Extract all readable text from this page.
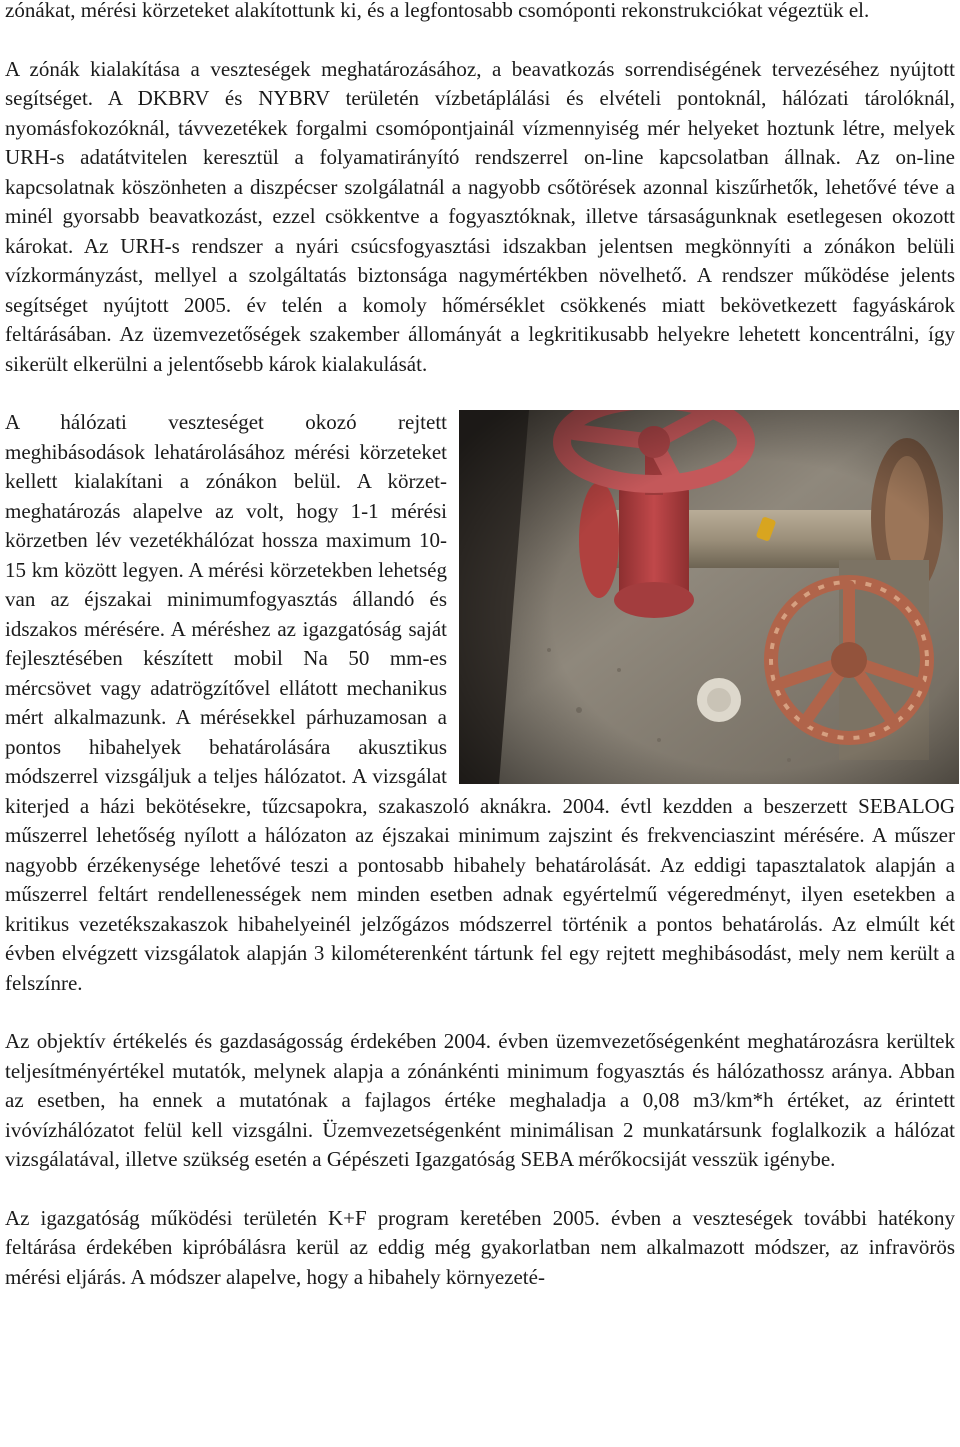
zónákat, mérési körzeteket alakítottunk ki, és a legfontosabb csomóponti rekonstrukciókat végeztük el.

A zónák kialakítása a veszteségek meghatározásához, a beavatkozás sorrendiségének tervezéséhez nyújtott segítséget. A DKBRV és NYBRV területén vízbetáplálási és elvételi pontoknál, hálózati tárolóknál, nyomásfokozóknál, távvezetékek forgalmi csomópontjainál vízmennyiség mér helyeket hoztunk létre, melyek URH-s adatátvitelen keresztül a folyamatirányító rendszerrel on-line kapcsolatban állnak. Az on-line kapcsolatnak köszönheten a diszpécser szolgálatnál a nagyobb csőtörések azonnal kiszűrhetők, lehetővé téve a minél gyorsabb beavatkozást, ezzel csökkentve a fogyasztóknak, illetve társaságunknak esetlegesen okozott károkat. Az URH-s rendszer a nyári csúcsfogyasztási idszakban jelentsen megkönnyíti a zónákon belüli vízkormányzást, mellyel a szolgáltatás biztonsága nagymértékben növelhető. A rendszer működése jelents segítséget nyújtott 2005. év telén a komoly hőmérséklet csökkenés miatt bekövetkezett fagyáskárok feltárásában. Az üzemvezetőségek szakember állományát a legkritikusabb helyekre lehetett koncentrálni, így sikerült elkerülni a jelentősebb károk kialakulását.

A hálózati veszteséget okozó rejtett meghibásodások lehatárolásához mérési körzeteket kellett kialakítani a zónákon belül. A körzet-meghatározás alapelve az volt, hogy 1-1 mérési körzetben lév vezetékhálózat hossza maximum 10-15 km között legyen. A mérési körzetekben lehetség van az éjszakai minimumfogyasztás állandó és idszakos mérésére. A méréshez az igazgatóság saját fejlesztésében készített mobil Na 50 mm-es mércsövet vagy adatrögzítővel ellátott mechanikus mért alkalmazunk. A mérésekkel párhuzamosan a pontos hibahelyek behatárolására akusztikus módszerrel vizsgáljuk a teljes hálózatot. A vizsgálat kiterjed a házi bekötésekre, tűzcsapokra, szakaszoló aknákra. 2004. évtl kezdden a beszerzett SEBALOG műszerrel lehetőség nyílott a hálózaton az éjszakai minimum zajszint és frekvenciaszint mérésére. A műszer nagyobb érzékenysége lehetővé teszi a pontosabb hibahely behatárolását. Az eddigi tapasztalatok alapján a műszerrel feltárt rendellenességek nem minden esetben adnak egyértelmű végeredményt, ilyen esetekben a kritikus vezetékszakaszok hibahelyeinél jelzőgázos módszerrel történik a pontos behatárolás. Az elmúlt két évben elvégzett vizsgálatok alapján 3 kilométerenként tártunk fel egy rejtett meghibásodást, mely nem került a felszínre.

Az objektív értékelés és gazdaságosság érdekében 2004. évben üzemvezetőségenként meghatározásra kerültek teljesítményértékel mutatók, melynek alapja a zónánkénti minimum fogyasztás és hálózathossz aránya. Abban az esetben, ha ennek a mutatónak a fajlagos értéke meghaladja a 0,08 m3/km*h értéket, az érintett ivóvízhálózatot felül kell vizsgálni. Üzemvezetségenként minimálisan 2 munkatársunk foglalkozik a hálózat vizsgálatával, illetve szükség esetén a Gépészeti Igazgatóság SEBA mérőkocsiját vesszük igénybe.

Az igazgatóság működési területén K+F program keretében 2005. évben a veszteségek további hatékony feltárása érdekében kipróbálásra kerül az eddig még gyakorlatban nem alkalmazott módszer, az infravörös mérési eljárás. A módszer alapelve, hogy a hibahely környezeté-
